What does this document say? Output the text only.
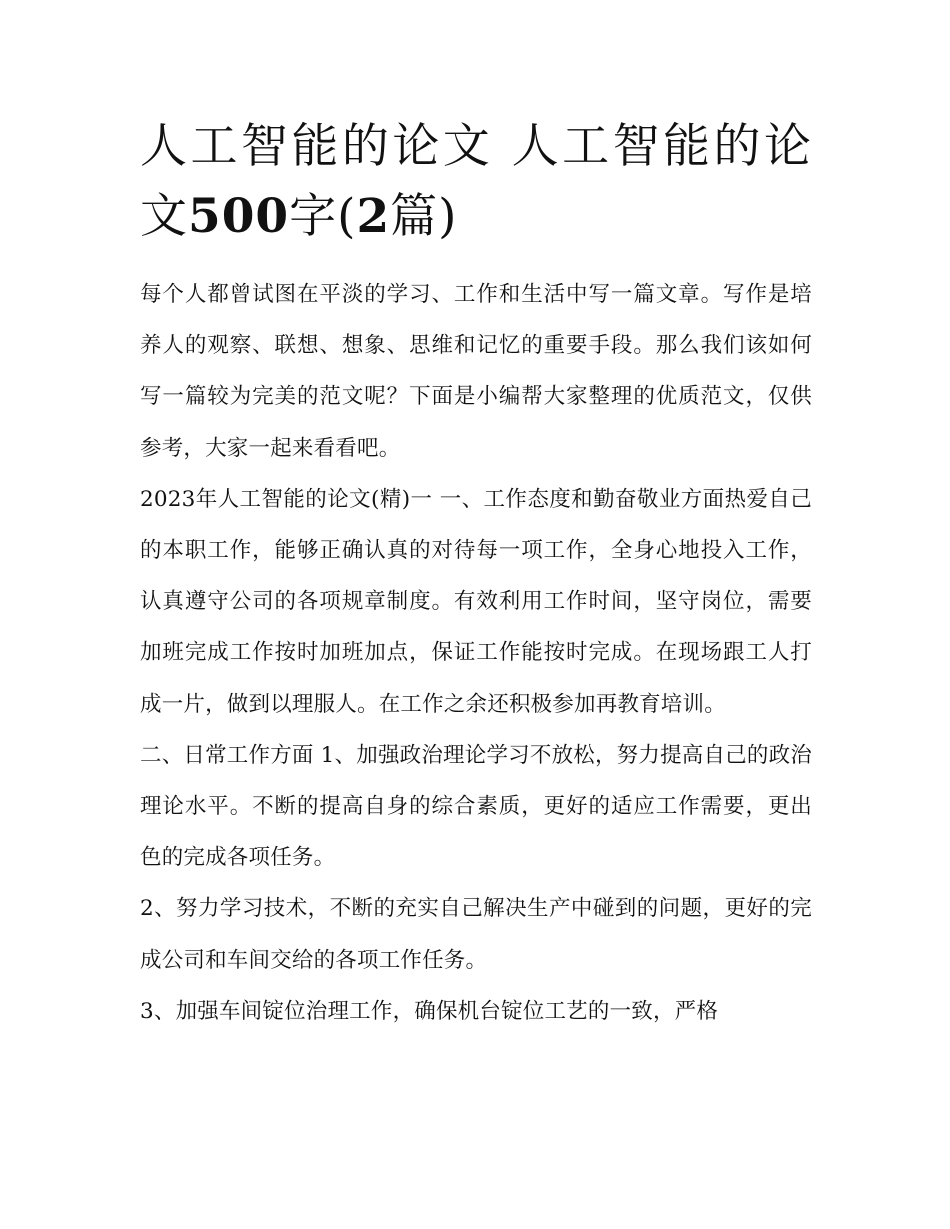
人工智能的论文 人工智能的论文500字(2篇)

每个人都曾试图在平淡的学习、工作和生活中写一篇文章。写作是培养人的观察、联想、想象、思维和记忆的重要手段。那么我们该如何写一篇较为完美的范文呢？下面是小编帮大家整理的优质范文，仅供参考，大家一起来看看吧。

2023年人工智能的论文(精)一 一、工作态度和勤奋敬业方面热爱自己的本职工作，能够正确认真的对待每一项工作，全身心地投入工作，认真遵守公司的各项规章制度。有效利用工作时间，坚守岗位，需要加班完成工作按时加班加点，保证工作能按时完成。在现场跟工人打成一片，做到以理服人。在工作之余还积极参加再教育培训。

二、日常工作方面 1、加强政治理论学习不放松，努力提高自己的政治理论水平。不断的提高自身的综合素质，更好的适应工作需要，更出色的完成各项任务。

2、努力学习技术，不断的充实自己解决生产中碰到的问题，更好的完成公司和车间交给的各项工作任务。

3、加强车间锭位治理工作，确保机台锭位工艺的一致，严格
